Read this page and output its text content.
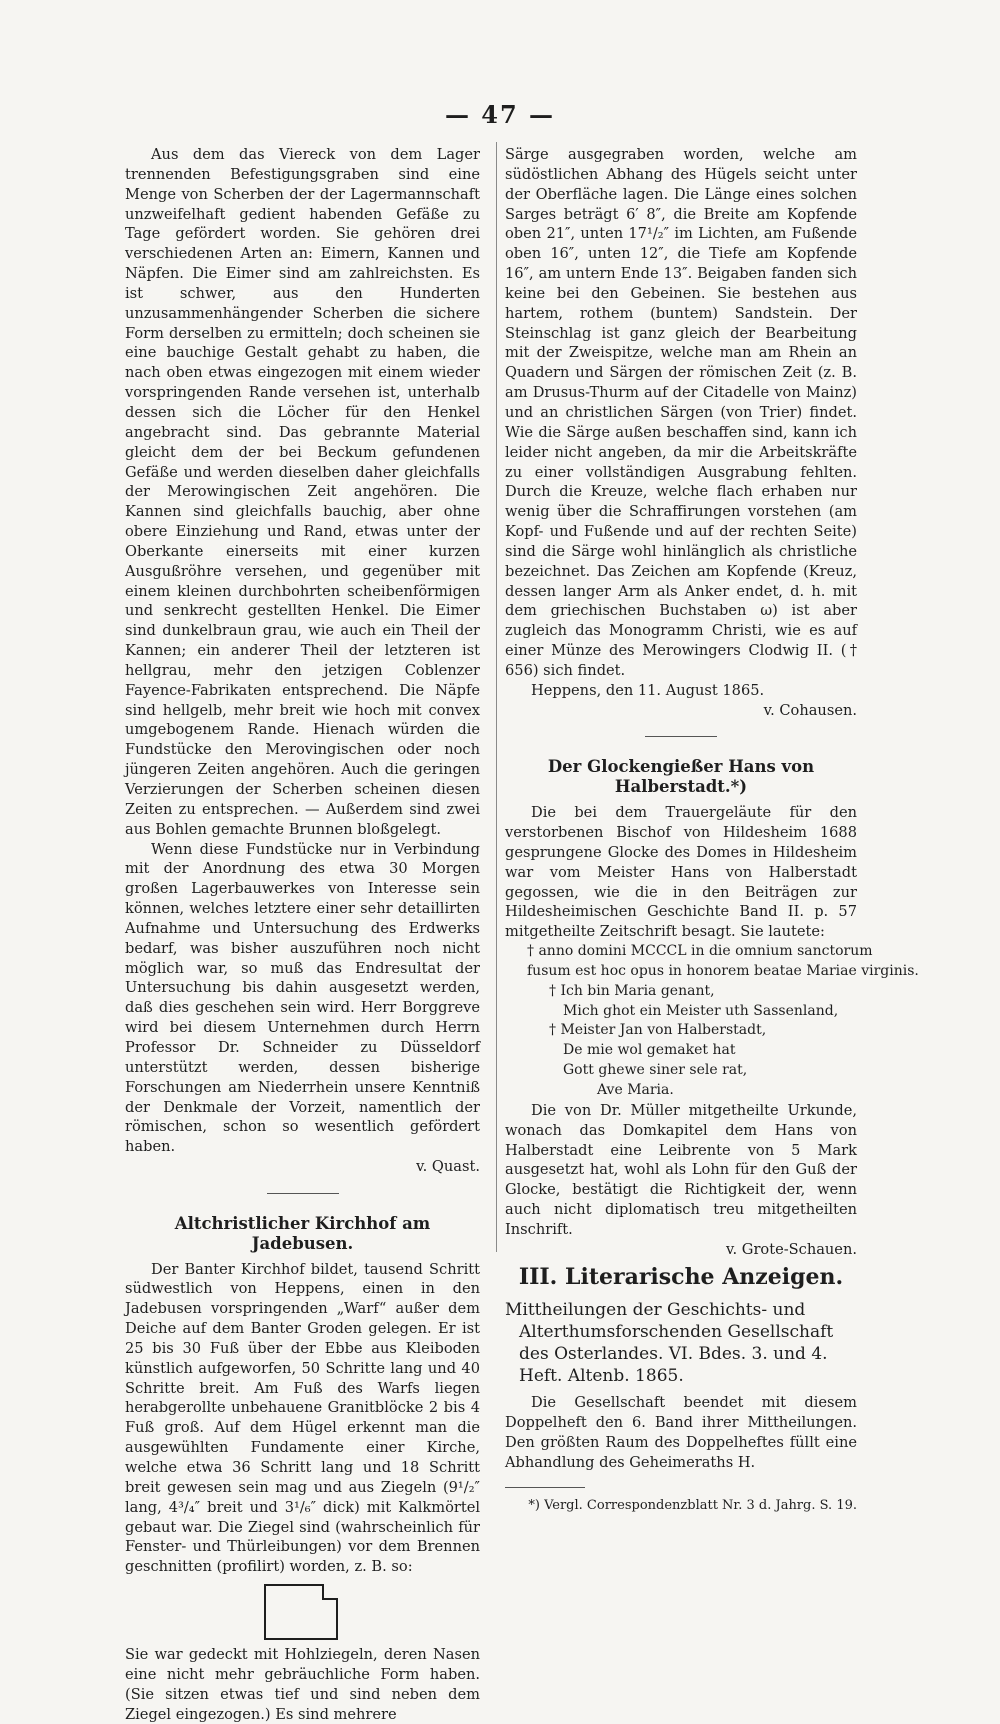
— 47 —

Aus dem das Viereck von dem Lager trennenden Befestigungsgraben sind eine Menge von Scherben der der Lagermannschaft unzweifelhaft gedient habenden Gefäße zu Tage gefördert worden. Sie gehören drei verschiedenen Arten an: Eimern, Kannen und Näpfen. Die Eimer sind am zahlreichsten. Es ist schwer, aus den Hunderten unzusammenhängender Scherben die sichere Form derselben zu ermitteln; doch scheinen sie eine bauchige Gestalt gehabt zu haben, die nach oben etwas eingezogen mit einem wieder vorspringenden Rande versehen ist, unterhalb dessen sich die Löcher für den Henkel angebracht sind. Das gebrannte Material gleicht dem der bei Beckum gefundenen Gefäße und werden dieselben daher gleichfalls der Merowingischen Zeit angehören. Die Kannen sind gleichfalls bauchig, aber ohne obere Einziehung und Rand, etwas unter der Oberkante einerseits mit einer kurzen Ausgußröhre versehen, und gegenüber mit einem kleinen durchbohrten scheibenförmigen und senkrecht gestellten Henkel. Die Eimer sind dunkelbraun grau, wie auch ein Theil der Kannen; ein anderer Theil der letzteren ist hellgrau, mehr den jetzigen Coblenzer Fayence-Fabrikaten entsprechend. Die Näpfe sind hellgelb, mehr breit wie hoch mit convex umgebogenem Rande. Hienach würden die Fundstücke den Merovingischen oder noch jüngeren Zeiten angehören. Auch die geringen Verzierungen der Scherben scheinen diesen Zeiten zu entsprechen. — Außerdem sind zwei aus Bohlen gemachte Brunnen bloßgelegt.

Wenn diese Fundstücke nur in Verbindung mit der Anordnung des etwa 30 Morgen großen Lagerbauwerkes von Interesse sein können, welches letztere einer sehr detaillirten Aufnahme und Untersuchung des Erdwerks bedarf, was bisher auszuführen noch nicht möglich war, so muß das Endresultat der Untersuchung bis dahin ausgesetzt werden, daß dies geschehen sein wird. Herr Borggreve wird bei diesem Unternehmen durch Herrn Professor Dr. Schneider zu Düsseldorf unterstützt werden, dessen bisherige Forschungen am Niederrhein unsere Kenntniß der Denkmale der Vorzeit, namentlich der römischen, schon so wesentlich gefördert haben.

v. Quast.

Altchristlicher Kirchhof am Jadebusen.

Der Banter Kirchhof bildet, tausend Schritt südwestlich von Heppens, einen in den Jadebusen vorspringenden „Warf“ außer dem Deiche auf dem Banter Groden gelegen. Er ist 25 bis 30 Fuß über der Ebbe aus Kleiboden künstlich aufgeworfen, 50 Schritte lang und 40 Schritte breit. Am Fuß des Warfs liegen herabgerollte unbehauene Granitblöcke 2 bis 4 Fuß groß. Auf dem Hügel erkennt man die ausgewühlten Fundamente einer Kirche, welche etwa 36 Schritt lang und 18 Schritt breit gewesen sein mag und aus Ziegeln (9¹/₂″ lang, 4³/₄″ breit und 3¹/₆″ dick) mit Kalkmörtel gebaut war. Die Ziegel sind (wahrscheinlich für Fenster- und Thürleibungen) vor dem Brennen geschnitten (profilirt) worden, z. B. so:

Sie war gedeckt mit Hohlziegeln, deren Nasen eine nicht mehr gebräuchliche Form haben. (Sie sitzen etwas tief und sind neben dem Ziegel eingezogen.) Es sind mehrere

Särge ausgegraben worden, welche am südöstlichen Abhang des Hügels seicht unter der Oberfläche lagen. Die Länge eines solchen Sarges beträgt 6′ 8″, die Breite am Kopfende oben 21″, unten 17¹/₂″ im Lichten, am Fußende oben 16″, unten 12″, die Tiefe am Kopfende 16″, am untern Ende 13″. Beigaben fanden sich keine bei den Gebeinen. Sie bestehen aus hartem, rothem (buntem) Sandstein. Der Steinschlag ist ganz gleich der Bearbeitung mit der Zweispitze, welche man am Rhein an Quadern und Särgen der römischen Zeit (z. B. am Drusus-Thurm auf der Citadelle von Mainz) und an christlichen Särgen (von Trier) findet. Wie die Särge außen beschaffen sind, kann ich leider nicht angeben, da mir die Arbeitskräfte zu einer vollständigen Ausgrabung fehlten. Durch die Kreuze, welche flach erhaben nur wenig über die Schraffirungen vorstehen (am Kopf- und Fußende und auf der rechten Seite) sind die Särge wohl hinlänglich als christliche bezeichnet. Das Zeichen am Kopfende (Kreuz, dessen langer Arm als Anker endet, d. h. mit dem griechischen Buchstaben ω) ist aber zugleich das Monogramm Christi, wie es auf einer Münze des Merowingers Clodwig II. († 656) sich findet.

Heppens, den 11. August 1865.

v. Cohausen.

Der Glockengießer Hans von Halberstadt.*)

Die bei dem Trauergeläute für den verstorbenen Bischof von Hildesheim 1688 gesprungene Glocke des Domes in Hildesheim war vom Meister Hans von Halberstadt gegossen, wie die in den Beiträgen zur Hildesheimischen Geschichte Band II. p. 57 mitgetheilte Zeitschrift besagt. Sie lautete:

† anno domini MCCCL in die omnium sanctorum
fusum est hoc opus in honorem beatae Mariae virginis.
† Ich bin Maria genant,
Mich ghot ein Meister uth Sassenland,
† Meister Jan von Halberstadt,
De mie wol gemaket hat
Gott ghewe siner sele rat,
Ave Maria.

Die von Dr. Müller mitgetheilte Urkunde, wonach das Domkapitel dem Hans von Halberstadt eine Leibrente von 5 Mark ausgesetzt hat, wohl als Lohn für den Guß der Glocke, bestätigt die Richtigkeit der, wenn auch nicht diplomatisch treu mitgetheilten Inschrift.

v. Grote-Schauen.

III. Literarische Anzeigen.

Mittheilungen der Geschichts- und Alterthumsforschenden Gesellschaft des Osterlandes. VI. Bdes. 3. und 4. Heft. Altenb. 1865.

Die Gesellschaft beendet mit diesem Doppelheft den 6. Band ihrer Mittheilungen. Den größten Raum des Doppelheftes füllt eine Abhandlung des Geheimeraths H.

*) Vergl. Correspondenzblatt Nr. 3 d. Jahrg. S. 19.
